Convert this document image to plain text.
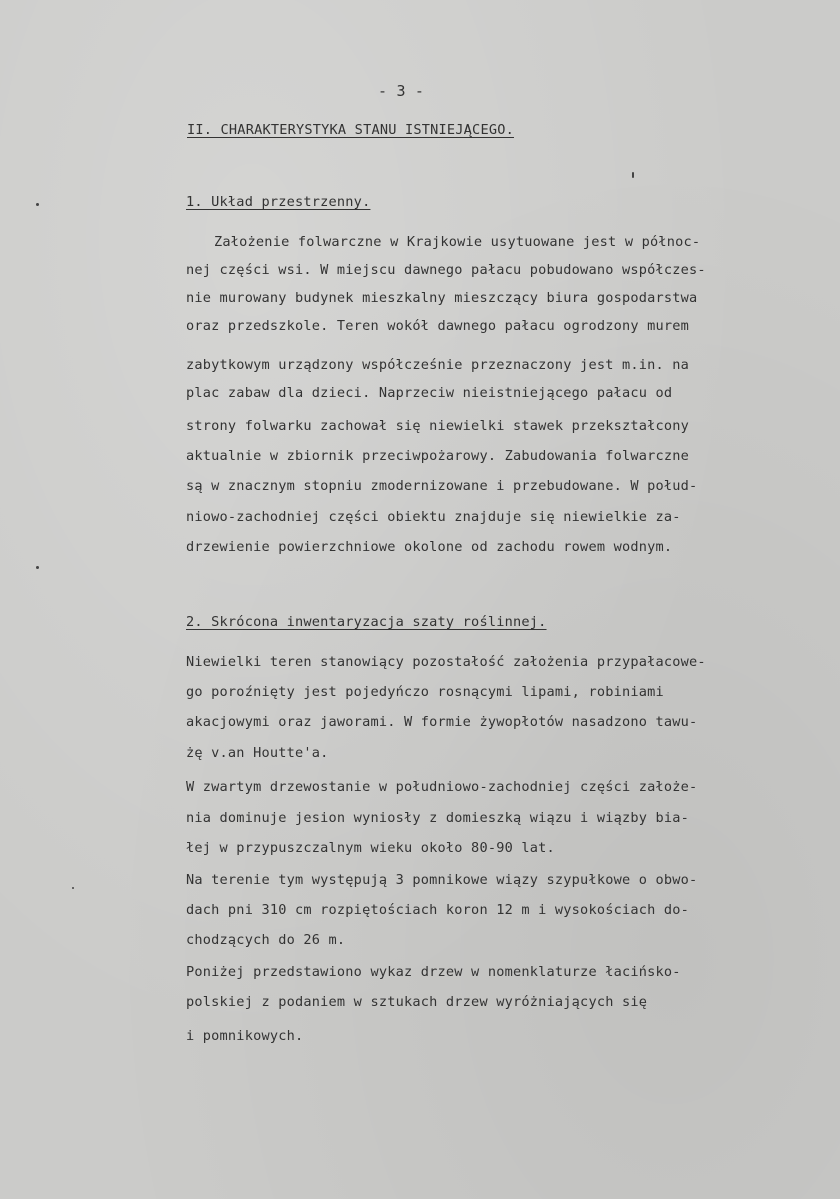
- 3 -
II. CHARAKTERYSTYKA STANU ISTNIEJĄCEGO.
1. Układ przestrzenny.
Założenie folwarczne w Krajkowie usytuowane jest w północ-
nej części wsi. W miejscu dawnego pałacu pobudowano współczes-
nie murowany budynek mieszkalny mieszczący biura gospodarstwa
oraz przedszkole. Teren wokół dawnego pałacu ogrodzony murem
zabytkowym urządzony współcześnie przeznaczony jest m.in. na
plac zabaw dla dzieci. Naprzeciw nieistniejącego pałacu od
strony folwarku zachował się niewielki stawek przekształcony
aktualnie w zbiornik przeciwpożarowy. Zabudowania folwarczne
są w znacznym stopniu zmodernizowane i przebudowane. W połud-
niowo-zachodniej części obiektu znajduje się niewielkie za-
drzewienie powierzchniowe okolone od zachodu rowem wodnym.
2. Skrócona inwentaryzacja szaty roślinnej.
Niewielki teren stanowiący pozostałość założenia przypałacowe-
go poroźnięty jest pojedyńczo rosnącymi lipami, robiniami
akacjowymi oraz jaworami. W formie żywopłotów nasadzono tawu-
żę v.an Houtte'a.
W zwartym drzewostanie w południowo-zachodniej części założe-
nia dominuje jesion wyniosły z domieszką wiązu i wiązby bia-
łej w przypuszczalnym wieku około 80-90 lat.
Na terenie tym występują 3 pomnikowe wiązy szypułkowe o obwo-
dach pni 310 cm rozpiętościach koron 12 m i wysokościach do-
chodzących do 26 m.
Poniżej przedstawiono wykaz drzew w nomenklaturze łacińsko-
polskiej z podaniem w sztukach drzew wyróżniających się
i pomnikowych.
